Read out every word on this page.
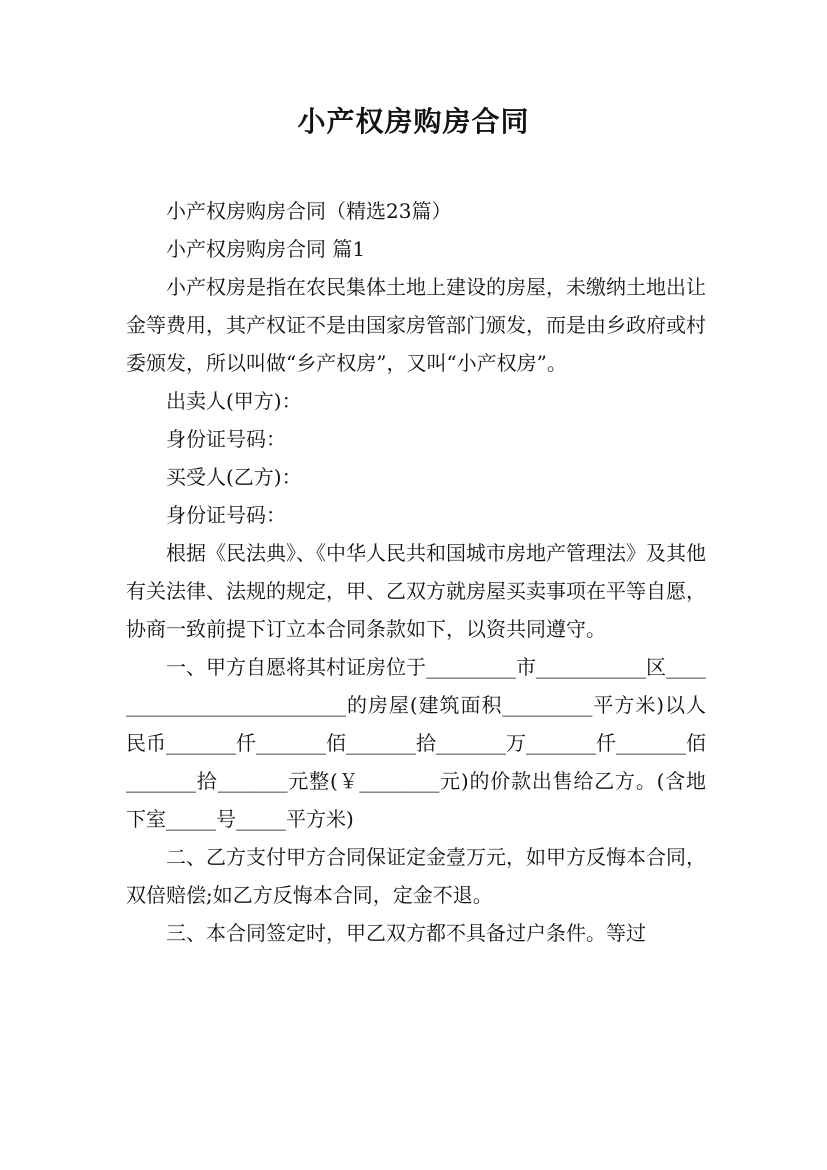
小产权房购房合同

小产权房购房合同（精选23篇）

小产权房购房合同 篇1

小产权房是指在农民集体土地上建设的房屋，未缴纳土地出让金等费用，其产权证不是由国家房管部门颁发，而是由乡政府或村委颁发，所以叫做“乡产权房”，又叫“小产权房”。

出卖人(甲方)：

身份证号码：

买受人(乙方)：

身份证号码：

根据《民法典》、《中华人民共和国城市房地产管理法》及其他有关法律、法规的规定，甲、乙双方就房屋买卖事项在平等自愿，协商一致前提下订立本合同条款如下，以资共同遵守。

一、甲方自愿将其村证房位于_________市___________区__________________________的房屋(建筑面积_________平方米)以人民币_______仟_______佰_______拾_______万_______仟_______佰_______拾_______元整(￥________元)的价款出售给乙方。(含地下室_____号_____平方米)

二、乙方支付甲方合同保证定金壹万元，如甲方反悔本合同，双倍赔偿;如乙方反悔本合同，定金不退。

三、本合同签定时，甲乙双方都不具备过户条件。等过
